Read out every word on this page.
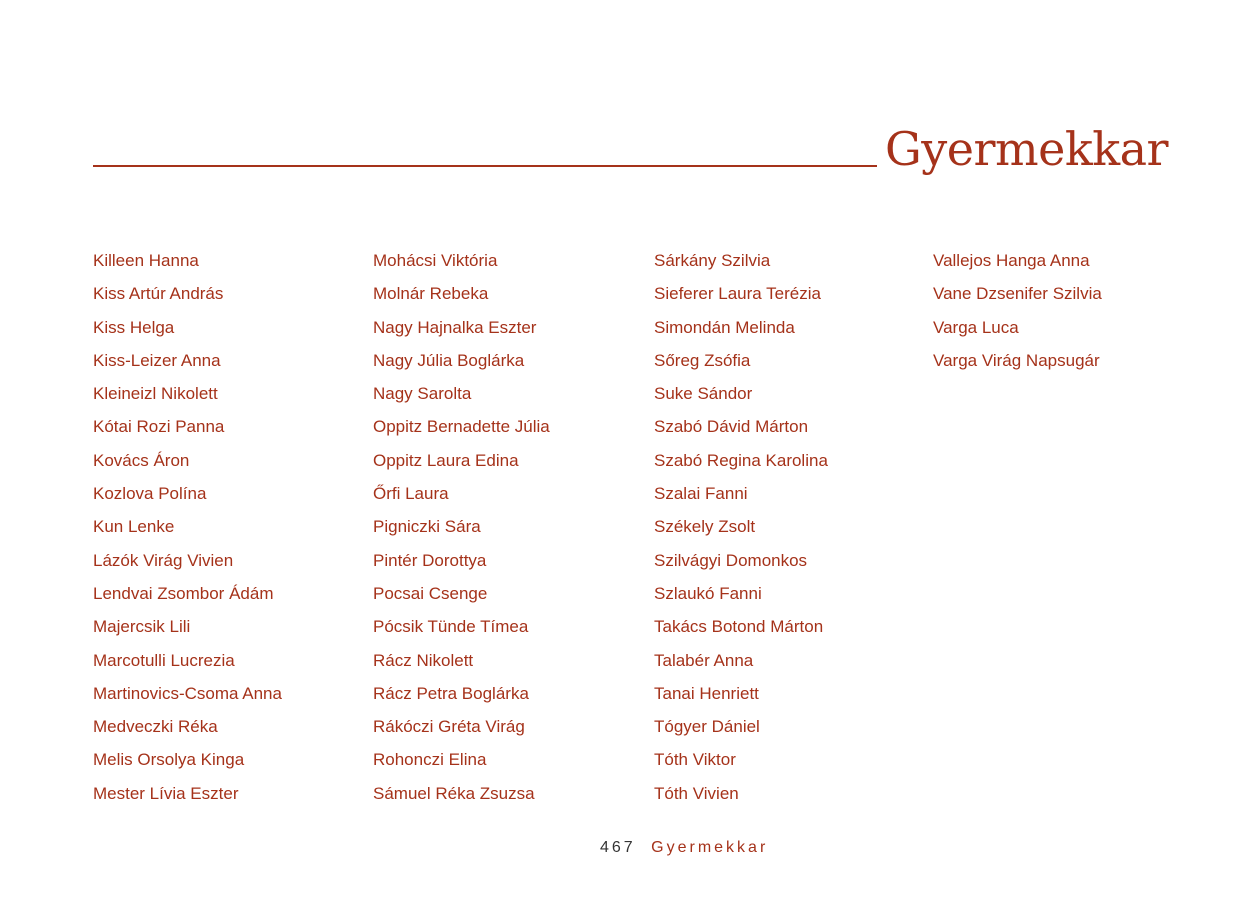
Gyermekkar
Killeen Hanna
Kiss Artúr András
Kiss Helga
Kiss-Leizer Anna
Kleineizl Nikolett
Kótai Rozi Panna
Kovács Áron
Kozlova Polína
Kun Lenke
Lázók Virág Vivien
Lendvai Zsombor Ádám
Majercsik Lili
Marcotulli Lucrezia
Martinovics-Csoma Anna
Medveczki Réka
Melis Orsolya Kinga
Mester Lívia Eszter
Mohácsi Viktória
Molnár Rebeka
Nagy Hajnalka Eszter
Nagy Júlia Boglárka
Nagy Sarolta
Oppitz Bernadette Júlia
Oppitz Laura Edina
Őrfi Laura
Pigniczki Sára
Pintér Dorottya
Pocsai Csenge
Pócsik Tünde Tímea
Rácz Nikolett
Rácz Petra Boglárka
Rákóczi Gréta Virág
Rohonczi Elina
Sámuel Réka Zsuzsa
Sárkány Szilvia
Sieferer Laura Terézia
Simondán Melinda
Sőreg Zsófia
Suke Sándor
Szabó Dávid Márton
Szabó Regina Karolina
Szalai Fanni
Székely Zsolt
Szilvágyi Domonkos
Szlaukó Fanni
Takács Botond Márton
Talabér Anna
Tanai Henriett
Tógyer Dániel
Tóth Viktor
Tóth Vivien
Vallejos Hanga Anna
Vane Dzsenifer Szilvia
Varga Luca
Varga Virág Napsugár
467 Gyermekkar
